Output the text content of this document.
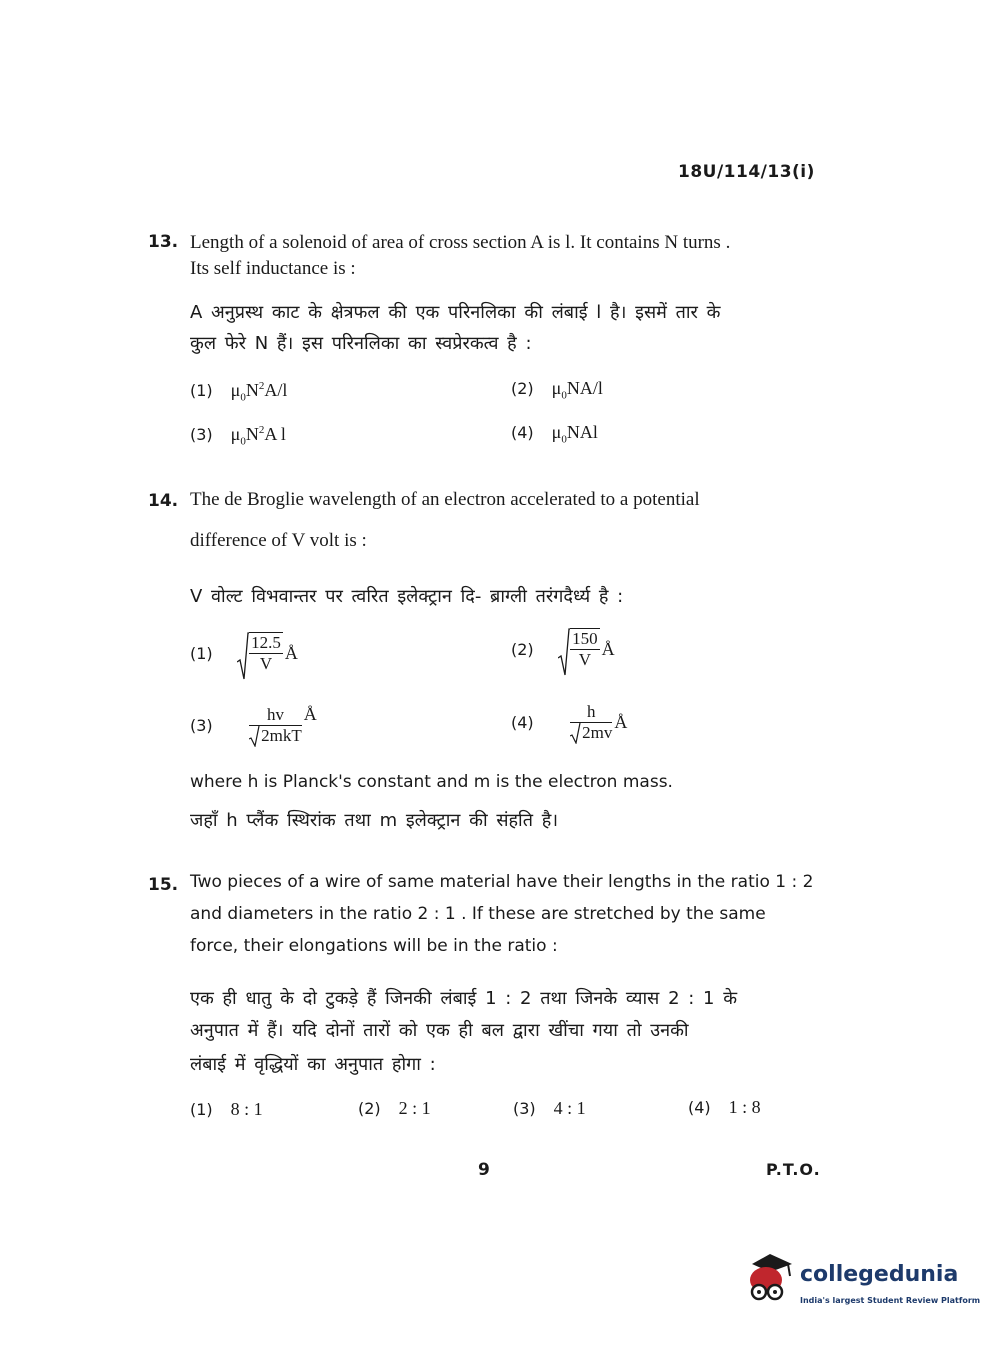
18U/114/13(i)
13. Length of a solenoid of area of cross section A is l. It contains N turns .
Its self inductance is :
A अनुप्रस्थ काट के क्षेत्रफल की एक परिनलिका की लंबाई l है। इसमें तार के
कुल फेरे N हैं। इस परिनलिका का स्वप्रेरकत्व है :
(1) $\mu_0N^2A/l$	(2) $\mu_0NA/l$
(3) $\mu_0N^2A$ l	(4) $\mu_0NAl$
14. The de Broglie wavelength of an electron accelerated to a potential
difference of V volt is :
V वोल्ट विभवान्तर पर त्वरित इलेक्ट्रान दि- ब्राग्ली तरंगदैर्ध्य है :
$(1) \frac{12.5}{V}$ Å	$(2) \frac{150}{V}$ Å
$(3) \frac{hv}{\text{2mkT}}$ Å	$(4) \frac{h}{2mv}$ Å
where h is Planck's constant and m is the electron mass.
जहाँ h प्लैंक स्थिरांक तथा m इलेक्ट्रान की संहति है।
15. Two pieces of a wire of same material have their lengths in the ratio 1 : 2
and diameters in the ratio 2 : 1 . If these are stretched by the same
force, their elongations will be in the ratio :
एक ही धातु के दो टुकड़े हैं जिनकी लंबाई 1 : 2 तथा जिनके व्यास 2 : 1 के
अनुपात में हैं। यदि दोनों तारों को एक ही बल द्वारा खींचा गया तो उनकी
लंबाई में वृद्धियों का अनुपात होगा :
(1) 8 : 1	(2) 2 : 1	(3) 4 : 1	(4) 1 : 8
9	P.T.O.
collegedunia
India's largest Student Review Platform
